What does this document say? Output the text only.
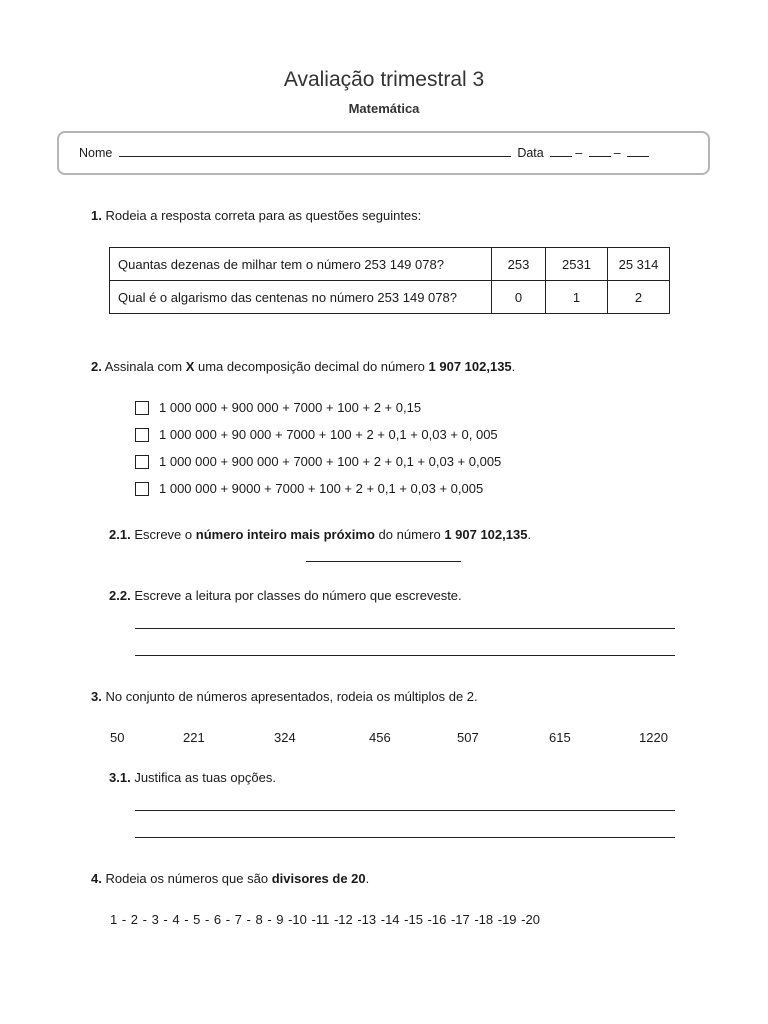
Avaliação trimestral 3
Matemática
Nome	Data	–	–
1. Rodeia a resposta correta para as questões seguintes:
Quantas dezenas de milhar tem o número 253 149 078?	253	2531	25 314
Qual é o algarismo das centenas no número 253 149 078?	0	1	2
2. Assinala com X uma decomposição decimal do número 1 907 102,135.
1 000 000 + 900 000 + 7000 + 100 + 2 + 0,15
1 000 000 + 90 000 + 7000 + 100 + 2 + 0,1 + 0,03 + 0, 005
1 000 000 + 900 000 + 7000 + 100 + 2 + 0,1 + 0,03 + 0,005
1 000 000 + 9000 + 7000 + 100 + 2 + 0,1 + 0,03 + 0,005
2.1. Escreve o número inteiro mais próximo do número 1 907 102,135.
2.2. Escreve a leitura por classes do número que escreveste.
3. No conjunto de números apresentados, rodeia os múltiplos de 2.
50	221	324	456	507	615	1220
3.1. Justifica as tuas opções.
4. Rodeia os números que são divisores de 20.
1 - 2 - 3 - 4 - 5 - 6 - 7 - 8 - 9 -10 -11 -12 -13 -14 -15 -16 -17 -18 -19 -20
